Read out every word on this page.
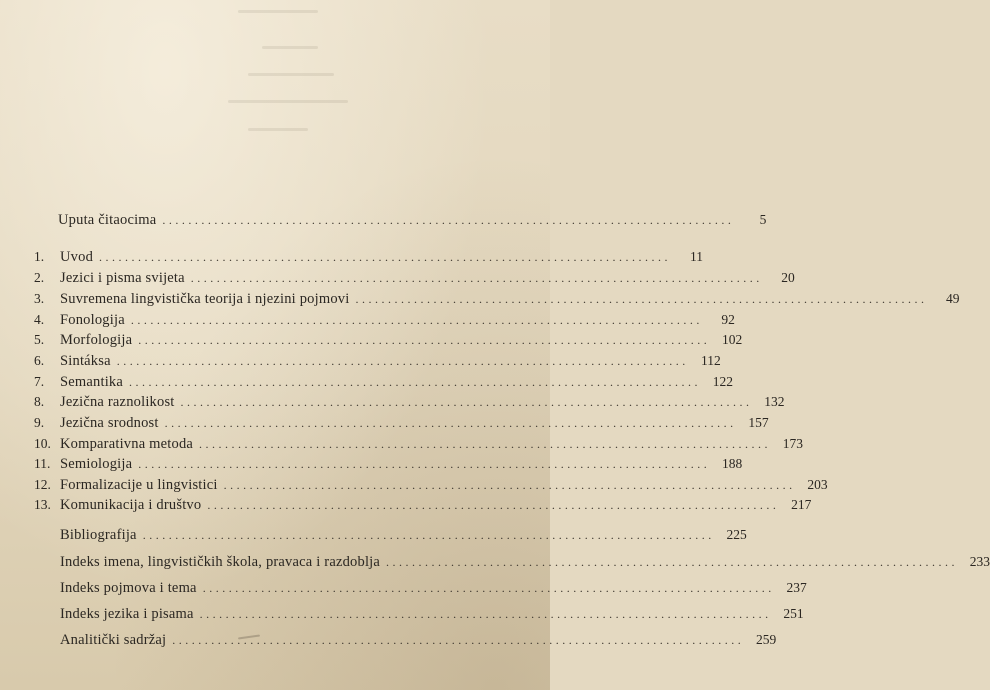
Uputa čitaocima ........................................................................................	5
1.	Uvod ........................................................................................	11
2.	Jezici i pisma svijeta ........................................................................................	20
3.	Suvremena lingvistička teorija i njezini pojmovi ........................................................................................	49
4.	Fonologija ........................................................................................	92
5.	Morfologija ........................................................................................ 102
6.	Sintáksa ........................................................................................ 112
7.	Semantika ........................................................................................ 122
8.	Jezična raznolikost ........................................................................................ 132
9.	Jezična srodnost ........................................................................................ 157
10. Komparativna metoda ........................................................................................ 173
11. Semiologija ........................................................................................ 188
12. Formalizacije u lingvistici ........................................................................................ 203
13. Komunikacija i društvo ........................................................................................ 217
Bibliografija ........................................................................................ 225
Indeks imena, lingvističkih škola, pravaca i razdoblja ........................................................................................ 233
Indeks pojmova i tema ........................................................................................ 237
Indeks jezika i pisama ........................................................................................ 251
Analitički sadržaj ........................................................................................ 259
